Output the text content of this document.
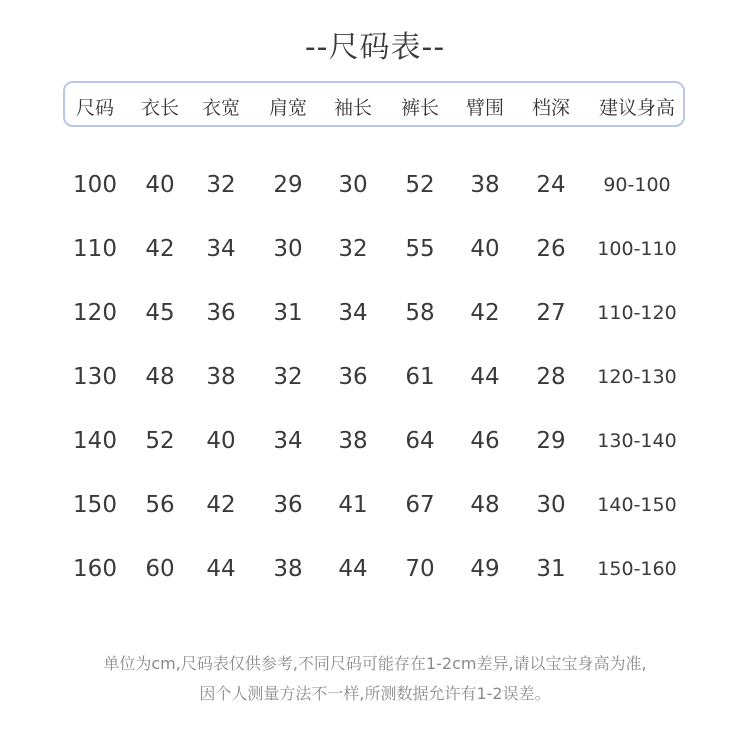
--尺码表--
尺码 衣长 衣宽 肩宽 袖长 裤长 臂围 档深 建议身高
100 40 32 29 30 52 38 24 90-100
110 42 34 30 32 55 40 26 100-110
120 45 36 31 34 58 42 27 110-120
130 48 38 32 36 61 44 28 120-130
140 52 40 34 38 64 46 29 130-140
150 56 42 36 41 67 48 30 140-150
160 60 44 38 44 70 49 31 150-160
单位为cm,尺码表仅供参考,不同尺码可能存在1-2cm差异,请以宝宝身高为准,
因个人测量方法不一样,所测数据允许有1-2误差。
